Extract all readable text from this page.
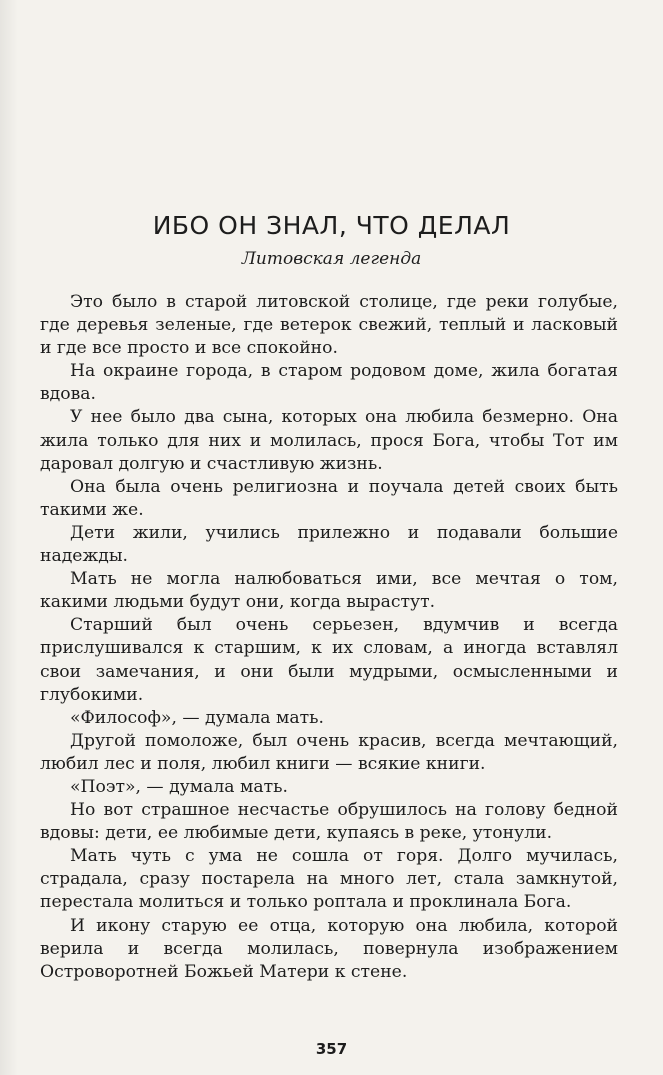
ИБО ОН ЗНАЛ, ЧТО ДЕЛАЛ
Литовская легенда

Это было в старой литовской столице, где реки голубые, где деревья зеленые, где ветерок свежий, теплый и ласковый и где все просто и все спокойно.

На окраине города, в старом родовом доме, жила богатая вдова.

У нее было два сына, которых она любила безмерно. Она жила только для них и молилась, прося Бога, чтобы Тот им даровал долгую и счастливую жизнь.

Она была очень религиозна и поучала детей своих быть такими же.

Дети жили, учились прилежно и подавали большие надежды.

Мать не могла налюбоваться ими, все мечтая о том, какими людьми будут они, когда вырастут.

Старший был очень серьезен, вдумчив и всегда прислушивался к старшим, к их словам, а иногда вставлял свои замечания, и они были мудрыми, осмысленными и глубокими.

«Философ», — думала мать.

Другой помоложе, был очень красив, всегда мечтающий, любил лес и поля, любил книги — всякие книги.

«Поэт», — думала мать.

Но вот страшное несчастье обрушилось на голову бедной вдовы: дети, ее любимые дети, купаясь в реке, утонули.

Мать чуть с ума не сошла от горя. Долго мучилась, страдала, сразу постарела на много лет, стала замкнутой, перестала молиться и только роптала и проклинала Бога.

И икону старую ее отца, которую она любила, которой верила и всегда молилась, повернула изображением Островоротней Божьей Матери к стене.

357
